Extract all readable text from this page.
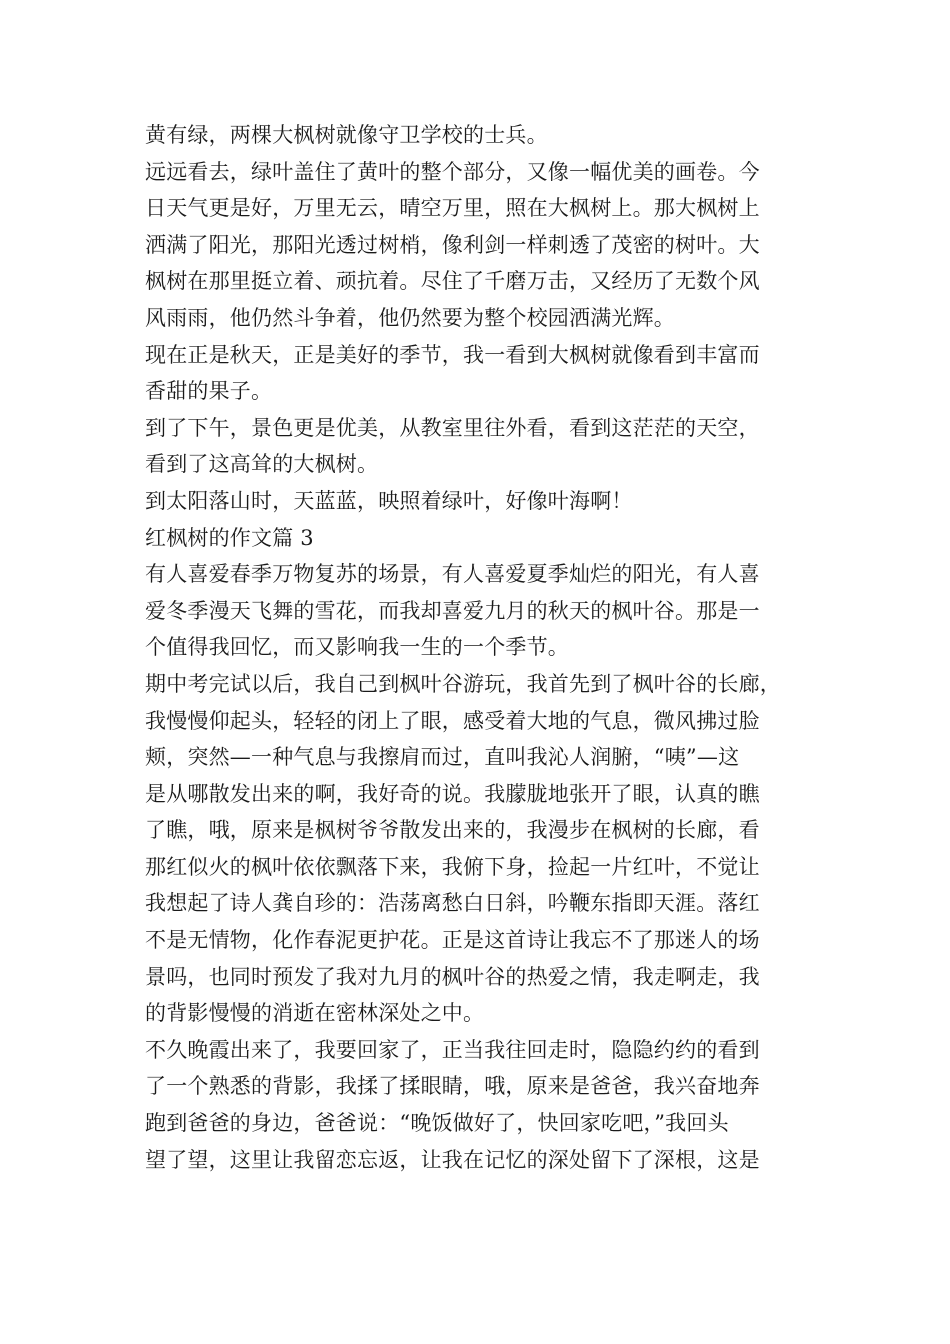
黄有绿，两棵大枫树就像守卫学校的士兵。
远远看去，绿叶盖住了黄叶的整个部分，又像一幅优美的画卷。今
日天气更是好，万里无云，晴空万里，照在大枫树上。那大枫树上
洒满了阳光，那阳光透过树梢，像利剑一样刺透了茂密的树叶。大
枫树在那里挺立着、顽抗着。尽住了千磨万击，又经历了无数个风
风雨雨，他仍然斗争着，他仍然要为整个校园洒满光辉。
现在正是秋天，正是美好的季节，我一看到大枫树就像看到丰富而
香甜的果子。
到了下午，景色更是优美，从教室里往外看，看到这茫茫的天空，
看到了这高耸的大枫树。
到太阳落山时，天蓝蓝，映照着绿叶，好像叶海啊！
红枫树的作文篇 3
有人喜爱春季万物复苏的场景，有人喜爱夏季灿烂的阳光，有人喜
爱冬季漫天飞舞的雪花，而我却喜爱九月的秋天的枫叶谷。那是一
个值得我回忆，而又影响我一生的一个季节。
期中考完试以后，我自己到枫叶谷游玩，我首先到了枫叶谷的长廊，
我慢慢仰起头，轻轻的闭上了眼，感受着大地的气息，微风拂过脸
颊，突然—一种气息与我擦肩而过，直叫我沁人润腑，“咦”—这
是从哪散发出来的啊，我好奇的说。我朦胧地张开了眼，认真的瞧
了瞧，哦，原来是枫树爷爷散发出来的，我漫步在枫树的长廊，看
那红似火的枫叶依依飘落下来，我俯下身，捡起一片红叶，不觉让
我想起了诗人龚自珍的：浩荡离愁白日斜，吟鞭东指即天涯。落红
不是无情物，化作春泥更护花。正是这首诗让我忘不了那迷人的场
景吗，也同时预发了我对九月的枫叶谷的热爱之情，我走啊走，我
的背影慢慢的消逝在密林深处之中。
不久晚霞出来了，我要回家了，正当我往回走时，隐隐约约的看到
了一个熟悉的背影，我揉了揉眼睛，哦，原来是爸爸，我兴奋地奔
跑到爸爸的身边，爸爸说：“晚饭做好了，快回家吃吧，”我回头
望了望，这里让我留恋忘返，让我在记忆的深处留下了深根，这是
